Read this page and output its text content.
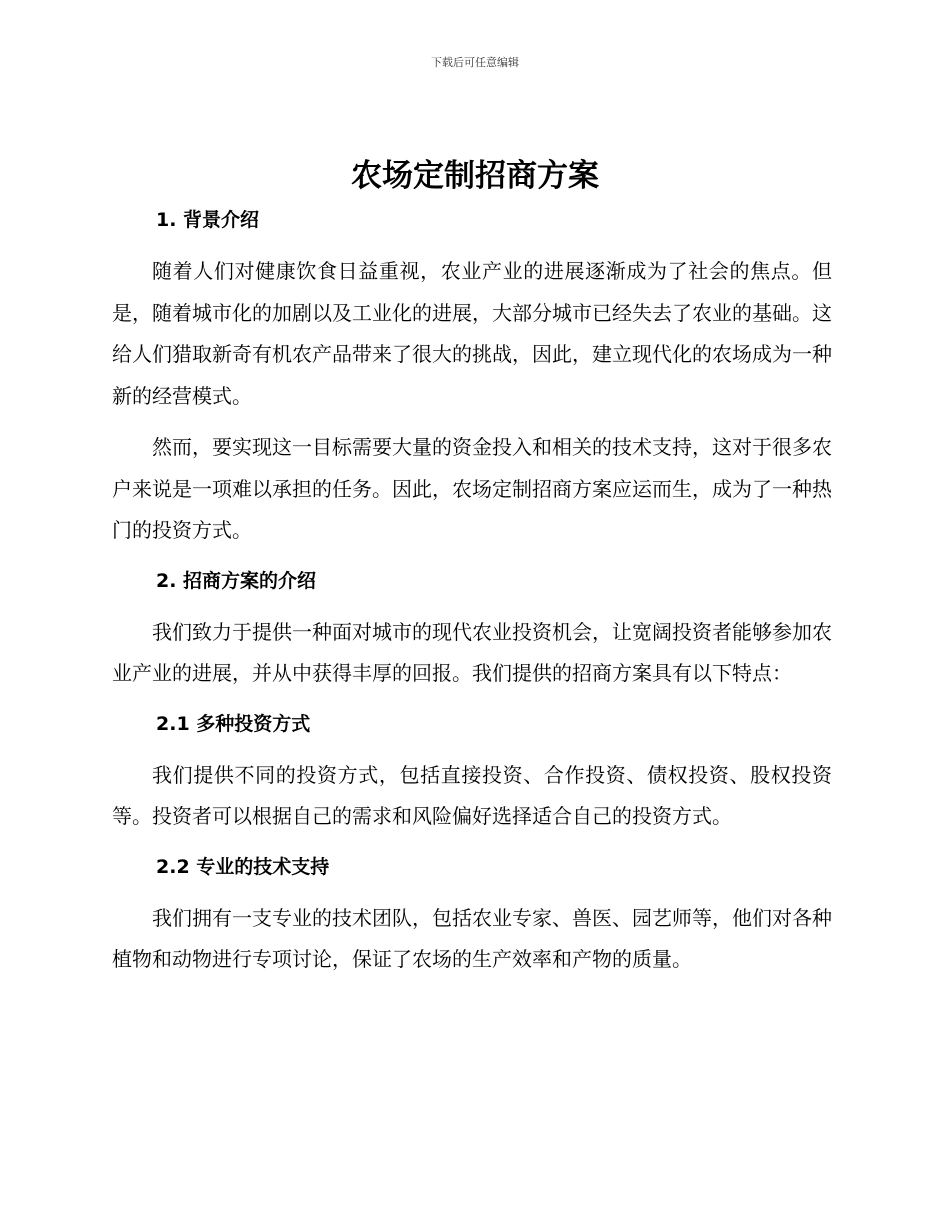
下载后可任意编辑
农场定制招商方案
1. 背景介绍

随着人们对健康饮食日益重视，农业产业的进展逐渐成为了社会的焦点。但是，随着城市化的加剧以及工业化的进展，大部分城市已经失去了农业的基础。这给人们猎取新奇有机农产品带来了很大的挑战，因此，建立现代化的农场成为一种新的经营模式。

然而，要实现这一目标需要大量的资金投入和相关的技术支持，这对于很多农户来说是一项难以承担的任务。因此，农场定制招商方案应运而生，成为了一种热门的投资方式。

2. 招商方案的介绍

我们致力于提供一种面对城市的现代农业投资机会，让宽阔投资者能够参加农业产业的进展，并从中获得丰厚的回报。我们提供的招商方案具有以下特点：

2.1 多种投资方式

我们提供不同的投资方式，包括直接投资、合作投资、债权投资、股权投资等。投资者可以根据自己的需求和风险偏好选择适合自己的投资方式。

2.2 专业的技术支持

我们拥有一支专业的技术团队，包括农业专家、兽医、园艺师等，他们对各种植物和动物进行专项讨论，保证了农场的生产效率和产物的质量。
